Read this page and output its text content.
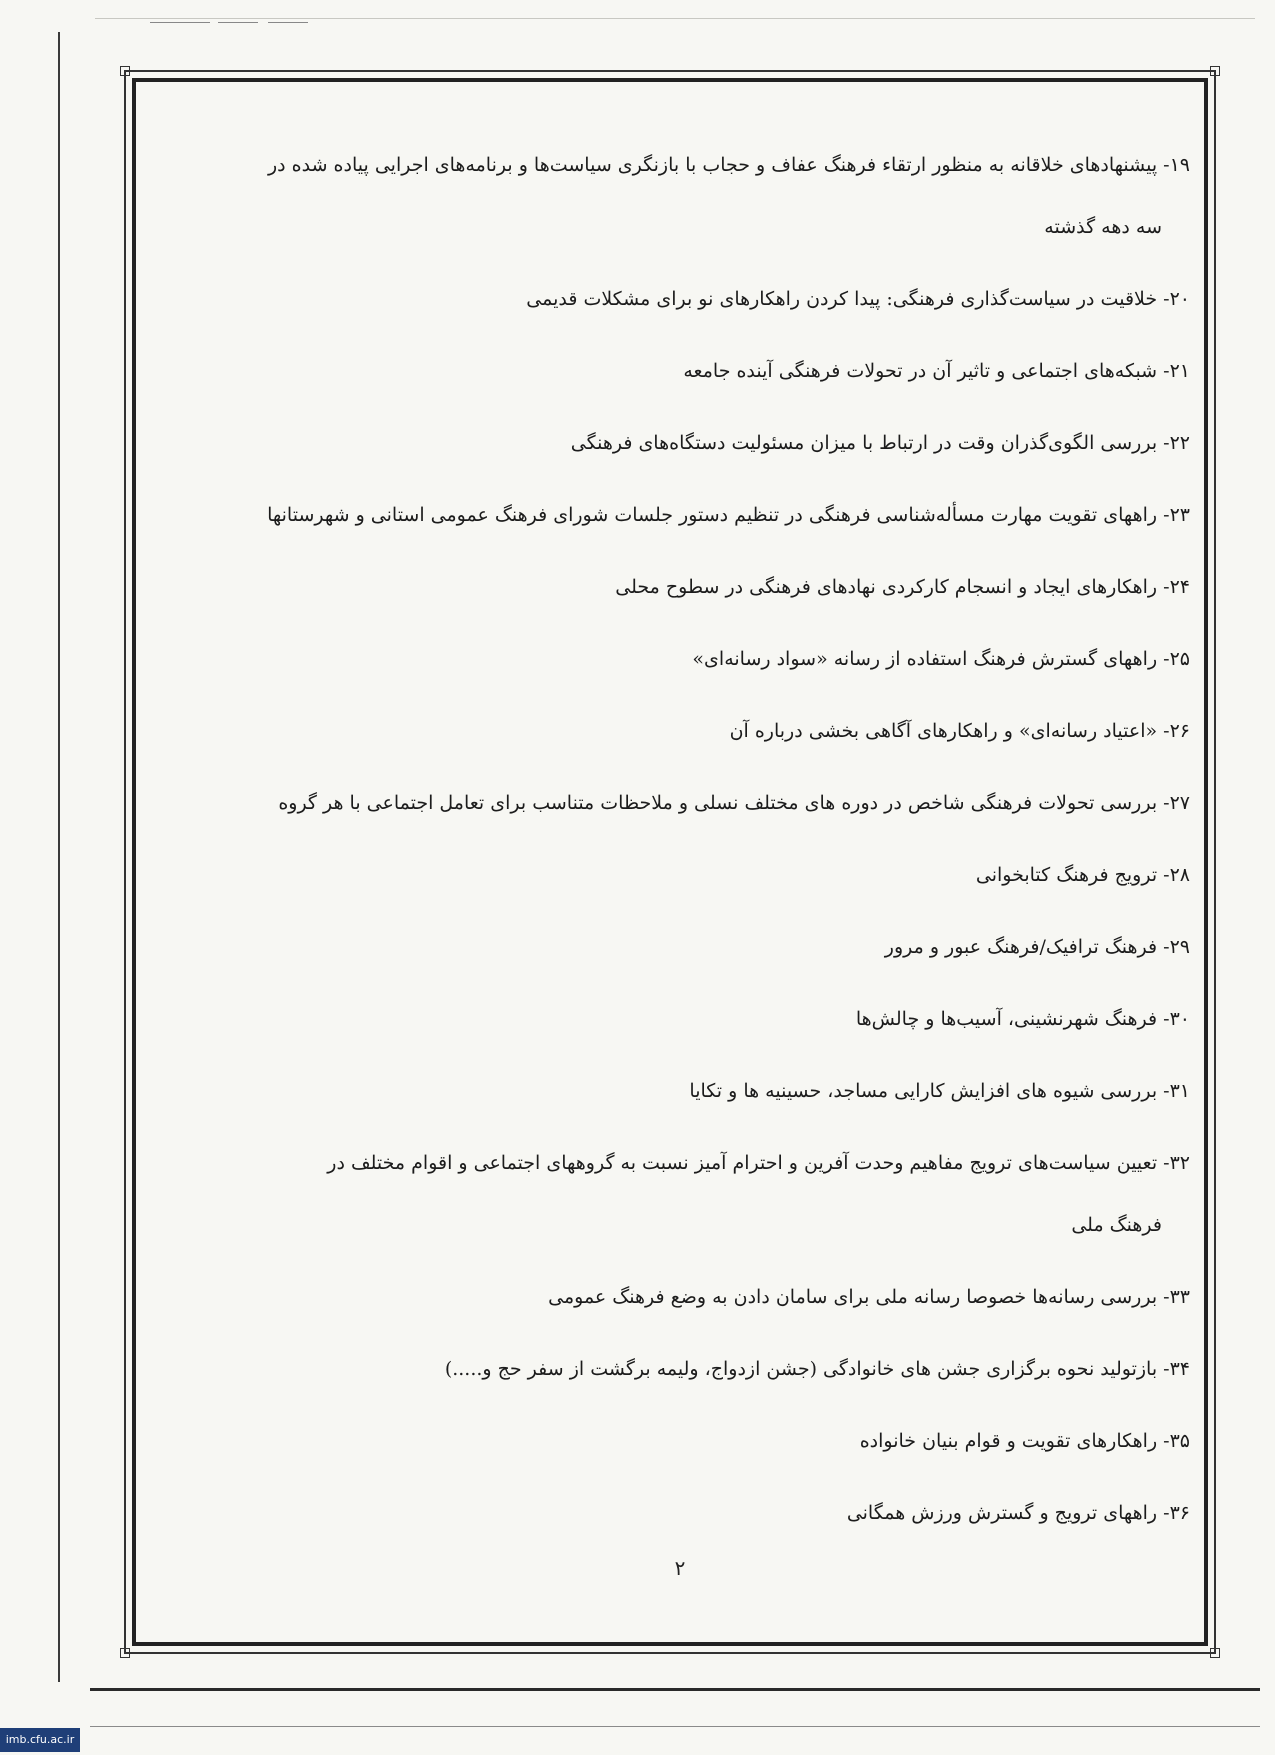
۱۹- پیشنهادهای خلاقانه به منظور ارتقاء فرهنگ عفاف و حجاب با بازنگری سیاست‌ها و برنامه‌های اجرایی پیاده شده در
سه دهه گذشته
۲۰- خلاقیت در سیاست‌گذاری فرهنگی: پیدا کردن راهکارهای نو برای مشکلات قدیمی
۲۱- شبکه‌های اجتماعی و تاثیر آن در تحولات فرهنگی آینده جامعه
۲۲- بررسی الگوی‌گذران وقت در ارتباط با میزان مسئولیت دستگاه‌های فرهنگی
۲۳- راههای تقویت مهارت مسأله‌شناسی فرهنگی در تنظیم دستور جلسات شورای فرهنگ عمومی استانی و شهرستانها
۲۴- راهکارهای ایجاد و انسجام کارکردی نهادهای فرهنگی در سطوح محلی
۲۵- راههای گسترش فرهنگ استفاده از رسانه «سواد رسانه‌ای»
۲۶- «اعتیاد رسانه‌ای» و راهکارهای آگاهی بخشی درباره آن
۲۷- بررسی تحولات فرهنگی شاخص در دوره های مختلف نسلی و ملاحظات متناسب برای تعامل اجتماعی با هر گروه
۲۸- ترویج فرهنگ کتابخوانی
۲۹- فرهنگ ترافیک/فرهنگ عبور و مرور
۳۰- فرهنگ شهرنشینی، آسیب‌ها و چالش‌ها
۳۱- بررسی شیوه های افزایش کارایی مساجد، حسینیه ها و تکایا
۳۲- تعیین سیاست‌های ترویج مفاهیم وحدت آفرین و احترام آمیز نسبت به گروههای اجتماعی و اقوام مختلف در
فرهنگ ملی
۳۳- بررسی رسانه‌ها خصوصا رسانه ملی برای سامان دادن به وضع فرهنگ عمومی
۳۴- بازتولید نحوه برگزاری جشن های خانوادگی (جشن ازدواج، ولیمه برگشت از سفر حج و.....)
۳۵- راهکارهای تقویت و قوام بنیان خانواده
۳۶- راههای ترویج و گسترش ورزش همگانی
۲
imb.cfu.ac.ir
